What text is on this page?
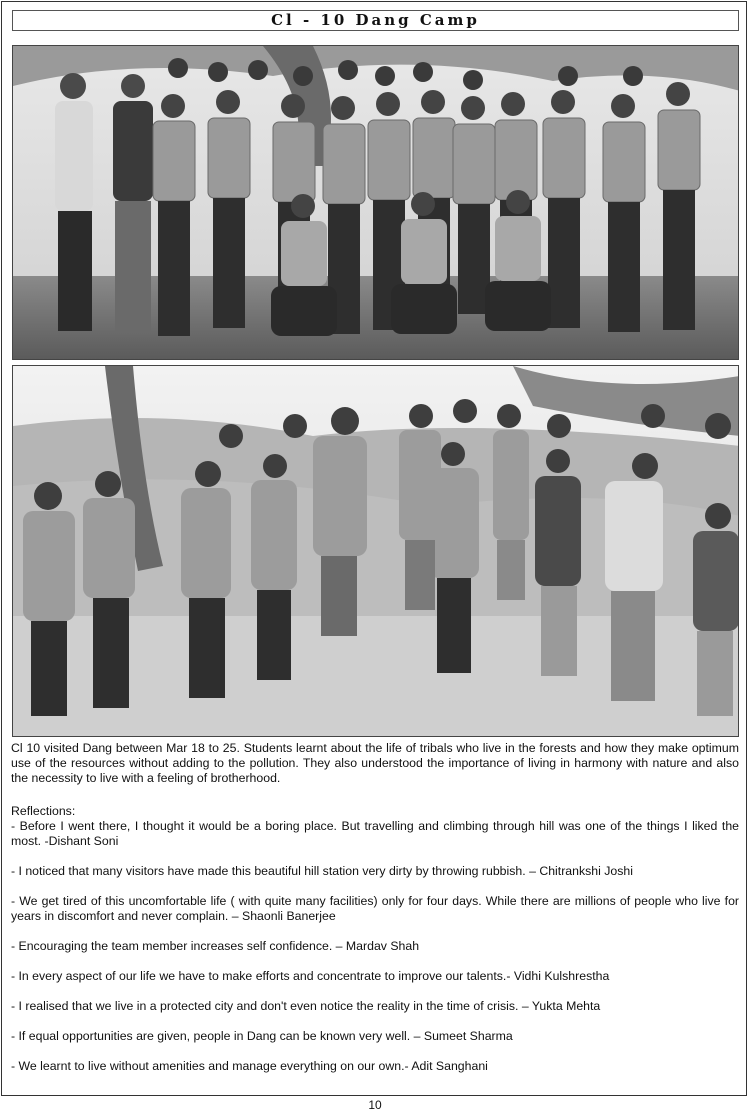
Cl - 10 Dang Camp

Cl 10 visited Dang between Mar 18 to 25. Students learnt about the life of tribals who live in the forests and how they make optimum use of the resources without adding to the pollution. They also understood the importance of living in harmony with nature and also the necessity to live with a feeling of brotherhood.

Reflections:

- Before I went there, I thought it would be a boring place. But travelling and climbing through hill was one of the things I liked the most. -Dishant Soni

- I noticed that many visitors have made this beautiful hill station very dirty by throwing rubbish. – Chitrankshi Joshi

- We get tired of this uncomfortable life ( with quite many facilities) only for four days. While there are millions of people who live for years in discomfort and never complain. – Shaonli Banerjee

- Encouraging the team member increases self confidence. – Mardav Shah

- In every aspect of our life we have to make efforts and concentrate to improve our talents.- Vidhi Kulshrestha

- I realised that we live in a protected city and don't even notice the reality in the time of crisis. – Yukta Mehta

- If equal opportunities are given, people in Dang can be known very well. – Sumeet Sharma

- We learnt to live without amenities and manage everything on our own.- Adit Sanghani

10
